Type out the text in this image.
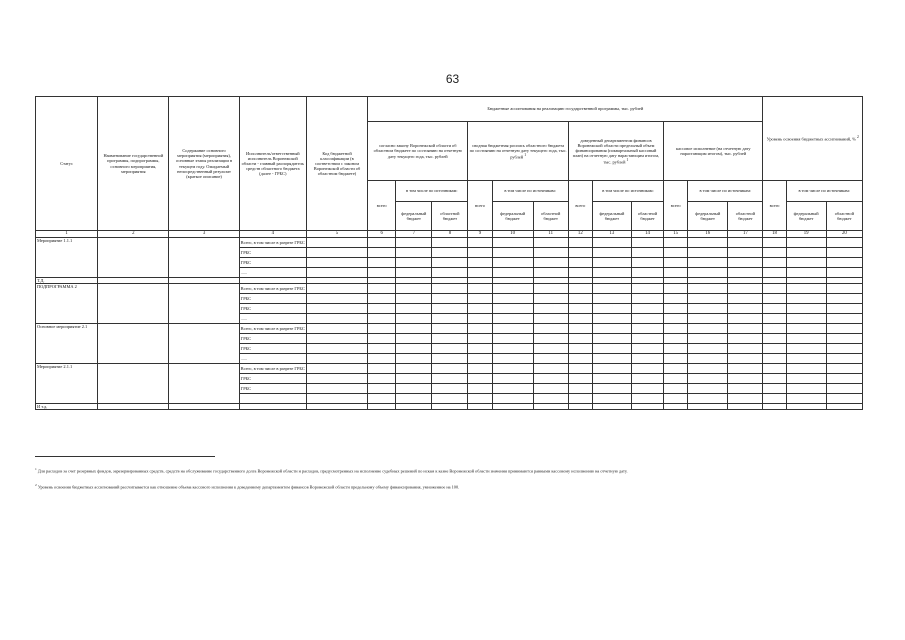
63
Статус	Наименование государственной программы, подпрограммы, основного мероприятия, мероприятия	Содержание основного мероприятия (мероприятия), основные этапы реализации в текущем году. Ожидаемый непосредственный результат (краткое описание)	Исполнитель/ответственный исполнитель Воронежской области - главный распорядитель средств областного бюджета (далее - ГРБС)	Код бюджетной классификации (в соответствии с законом Воронежской области об областном бюджете)	Бюджетные ассигнования на реализацию государственной программы, тыс. рублей												Уровень освоения бюджетных ассигнований, % $^2$
					согласно закону Воронежской области об областном бюджете по состоянию на отчетную дату текущего года, тыс. рублей			сводная бюджетная роспись областного бюджета по состоянию на отчетную дату текущего года, тыс. рублей $^1$			доведенный департаментом финансов Воронежской области предельный объем финансирования (поквартальный кассовый план) на отчетную дату нарастающим итогом, тыс. рублей $^1$			кассовое исполнение (на отчетную дату нарастающим итогом), тыс. рублей					
					всего	в том числе по источникам:		всего	в том числе по источникам:		всего	в том числе по источникам:		всего	в том числе по источникам:		всего	в том числе по источникам:	
						федеральный бюджет	областной бюджет		федеральный бюджет	областной бюджет		федеральный бюджет	областной бюджет		федеральный бюджет	областной бюджет		федеральный бюджет	областной бюджет
1	2	3	4	5	6	7	8	9	10	11	12	13	14	15	16	17	18	19	20
Мероприятие 1.1.1			Всего, в том числе в разрезе ГРБС																
			ГРБС																
			ГРБС																
			......																
Т.Д.																			
ПОДПРОГРАММА 2			Всего, в том числе в разрезе ГРБС																
			ГРБС																
			ГРБС																
			......																
Основное мероприятие 2.1			Всего, в том числе в разрезе ГРБС																
			ГРБС																
			ГРБС																
			......																
Мероприятие 2.1.1			Всего, в том числе в разрезе ГРБС																
			ГРБС																
			ГРБС																

И т.д.																			
$^1$ Для расходов за счет резервных фондов, зарезервированных средств, средств на обслуживание государственного долга Воронежской области и расходов, предусмотренных на исполнение судебных решений по искам к казне Воронежской области значения принимаются равными кассовому исполнению на отчетную дату.
$^2$ Уровень освоения бюджетных ассигнований рассчитывается как отношение объема кассового исполнения к доведенному департаментом финансов Воронежской области предельному объему финансирования, умноженное на 100.
